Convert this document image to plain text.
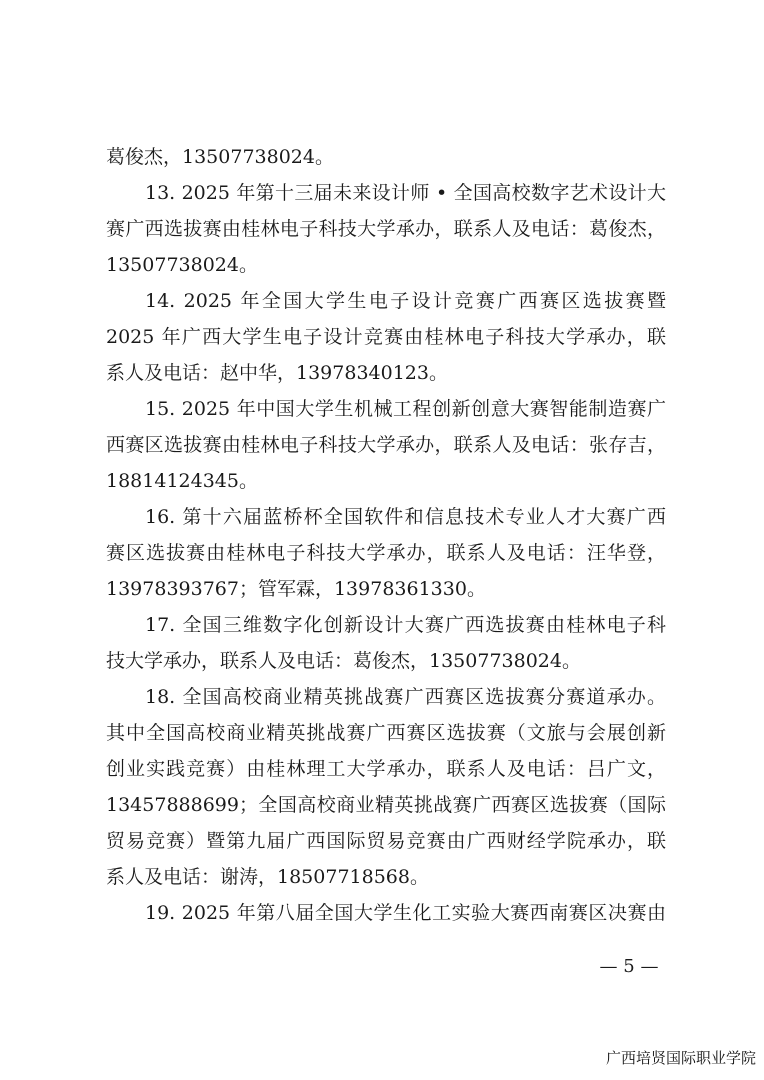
葛俊杰，13507738024。
13. 2025 年第十三届未来设计师 • 全国高校数字艺术设计大
赛广西选拔赛由桂林电子科技大学承办，联系人及电话：葛俊杰，
13507738024。
14. 2025 年全国大学生电子设计竞赛广西赛区选拔赛暨
2025 年广西大学生电子设计竞赛由桂林电子科技大学承办，联
系人及电话：赵中华，13978340123。
15. 2025 年中国大学生机械工程创新创意大赛智能制造赛广
西赛区选拔赛由桂林电子科技大学承办，联系人及电话：张存吉，
18814124345。
16. 第十六届蓝桥杯全国软件和信息技术专业人才大赛广西
赛区选拔赛由桂林电子科技大学承办，联系人及电话：汪华登，
13978393767；管军霖，13978361330。
17. 全国三维数字化创新设计大赛广西选拔赛由桂林电子科
技大学承办，联系人及电话：葛俊杰，13507738024。
18. 全国高校商业精英挑战赛广西赛区选拔赛分赛道承办。
其中全国高校商业精英挑战赛广西赛区选拔赛（文旅与会展创新
创业实践竞赛）由桂林理工大学承办，联系人及电话：吕广文，
13457888699；全国高校商业精英挑战赛广西赛区选拔赛（国际
贸易竞赛）暨第九届广西国际贸易竞赛由广西财经学院承办，联
系人及电话：谢涛，18507718568。
19. 2025 年第八届全国大学生化工实验大赛西南赛区决赛由
— 5 —
广西培贤国际职业学院
